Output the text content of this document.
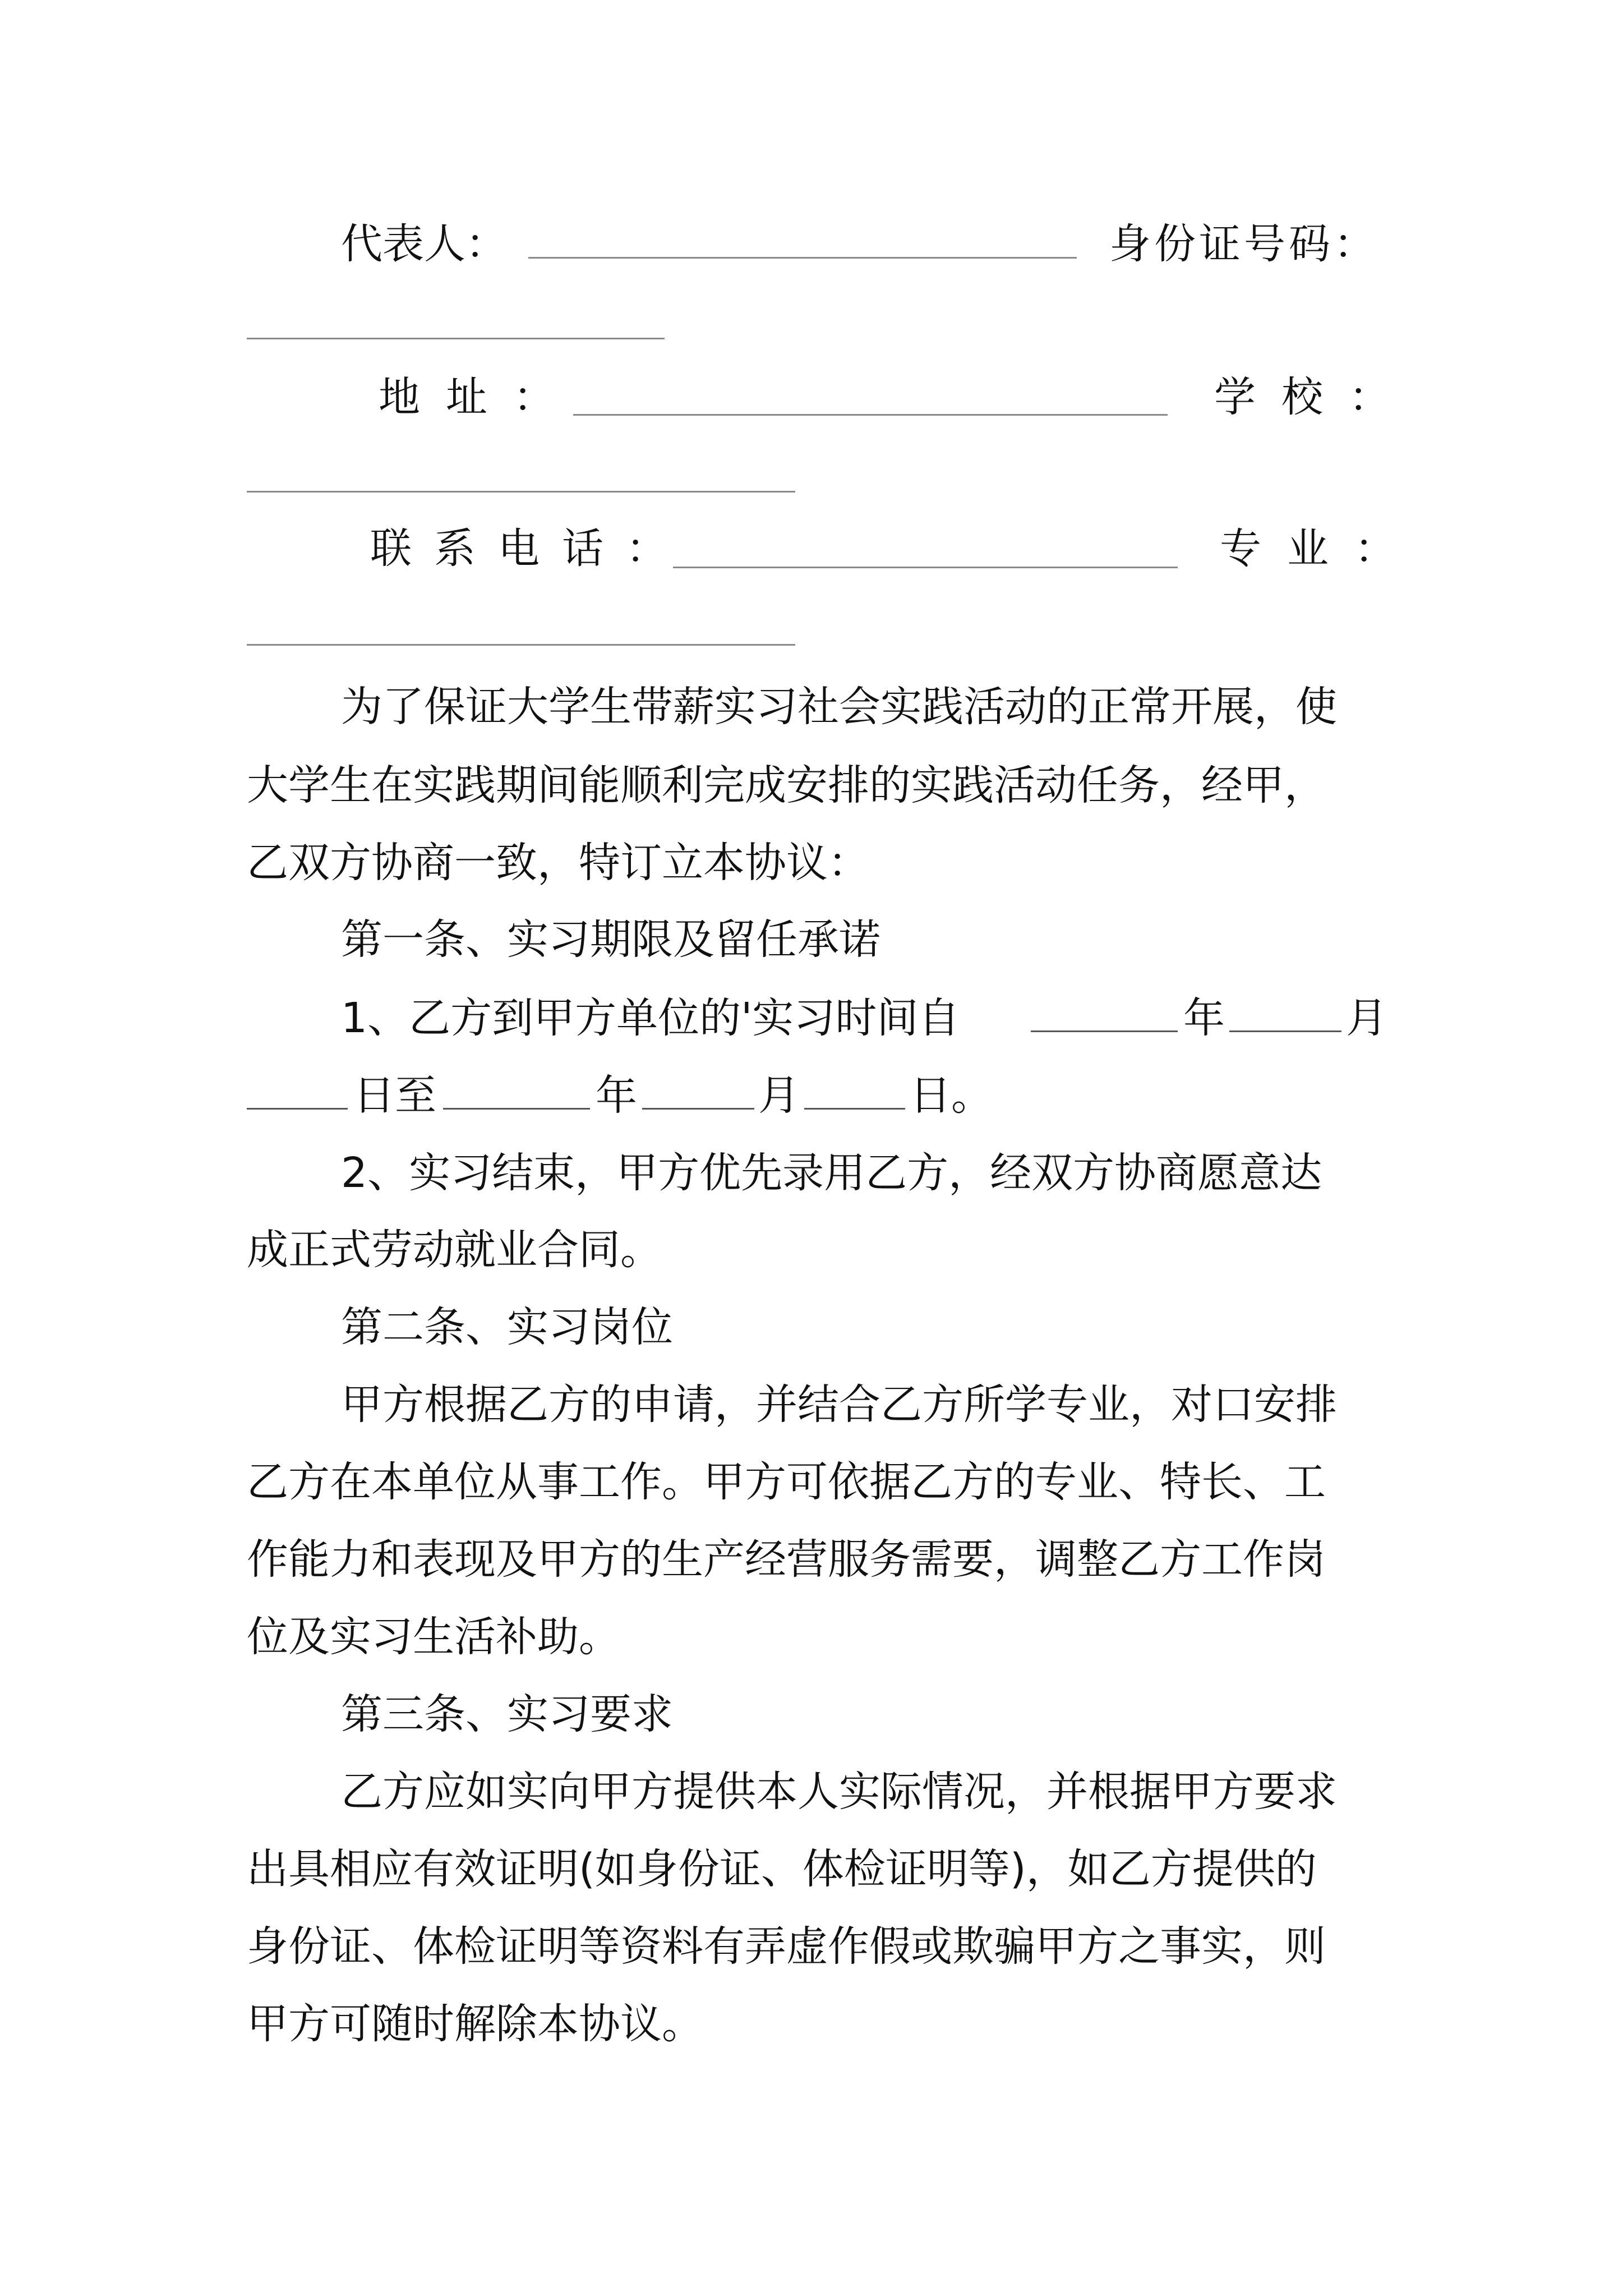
代表人：	身份证号码：
地址：	学校：
联系电话：	专业：
为了保证大学生带薪实习社会实践活动的正常开展，使
大学生在实践期间能顺利完成安排的实践活动任务，经甲，
乙双方协商一致，特订立本协议：
第一条、实习期限及留任承诺
1、乙方到甲方单位的'实习时间自	年	月
日至	年	月	日。
2、实习结束，甲方优先录用乙方，经双方协商愿意达
成正式劳动就业合同。
第二条、实习岗位
甲方根据乙方的申请，并结合乙方所学专业，对口安排
乙方在本单位从事工作。甲方可依据乙方的专业、特长、工
作能力和表现及甲方的生产经营服务需要，调整乙方工作岗
位及实习生活补助。
第三条、实习要求
乙方应如实向甲方提供本人实际情况，并根据甲方要求
出具相应有效证明(如身份证、体检证明等)，如乙方提供的
身份证、体检证明等资料有弄虚作假或欺骗甲方之事实，则
甲方可随时解除本协议。
